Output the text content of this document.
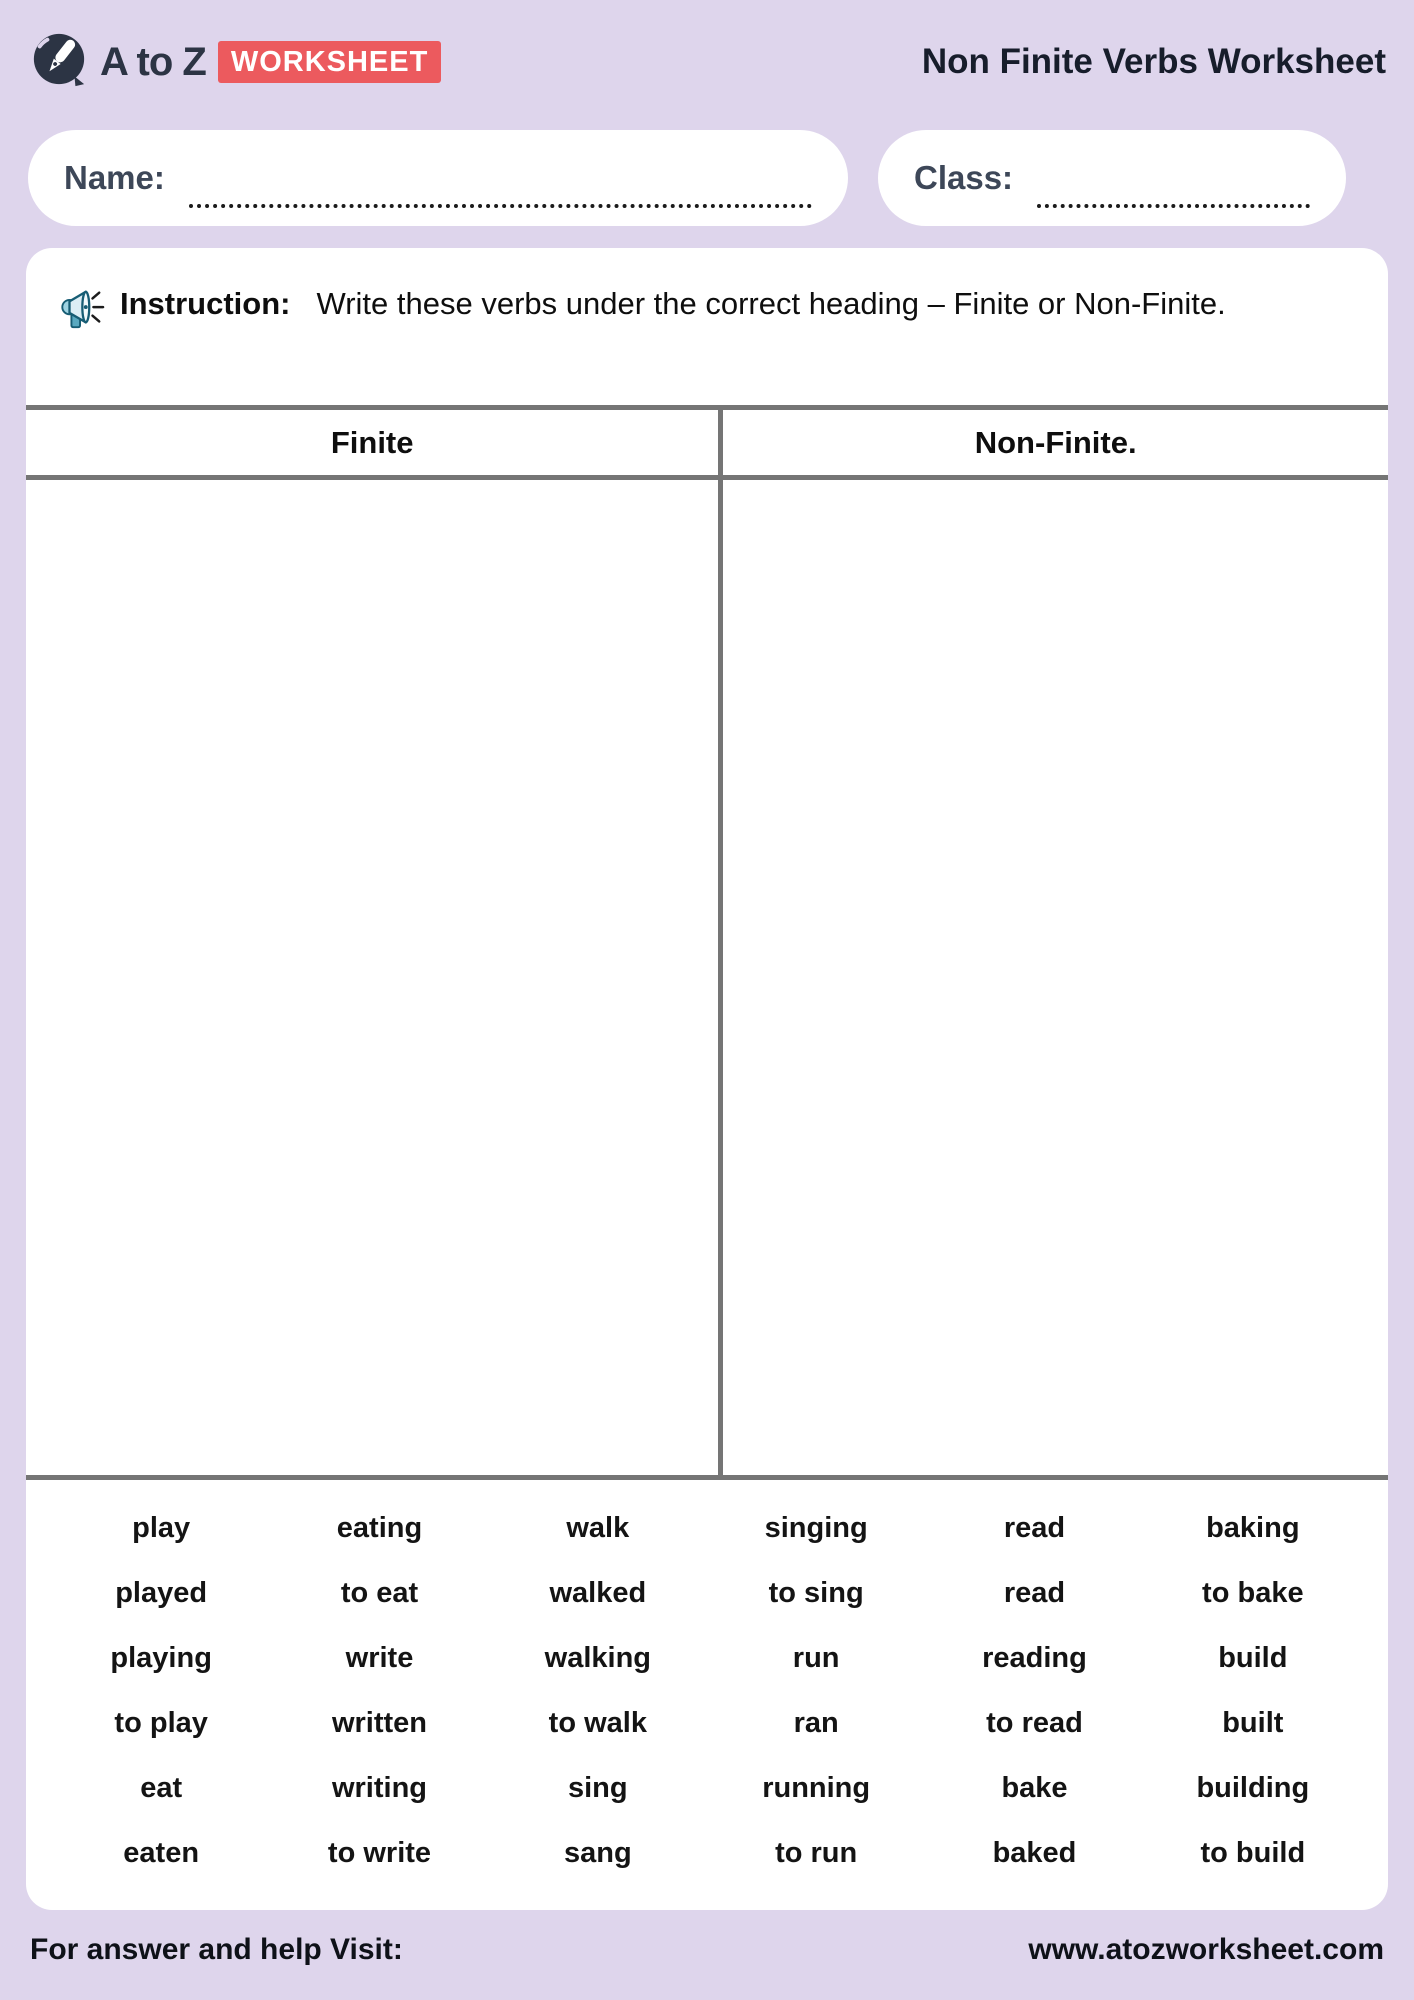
A to Z WORKSHEET	Non Finite Verbs Worksheet
Name:	Class:
Instruction: Write these verbs under the correct heading – Finite or Non-Finite.
Finite	Non-Finite.
play	eating	walk	singing	read	baking
played	to eat	walked	to sing	read	to bake
playing	write	walking	run	reading	build
to play	written	to walk	ran	to read	built
eat	writing	sing	running	bake	building
eaten	to write	sang	to run	baked	to build
For answer and help Visit:	www.atozworksheet.com
